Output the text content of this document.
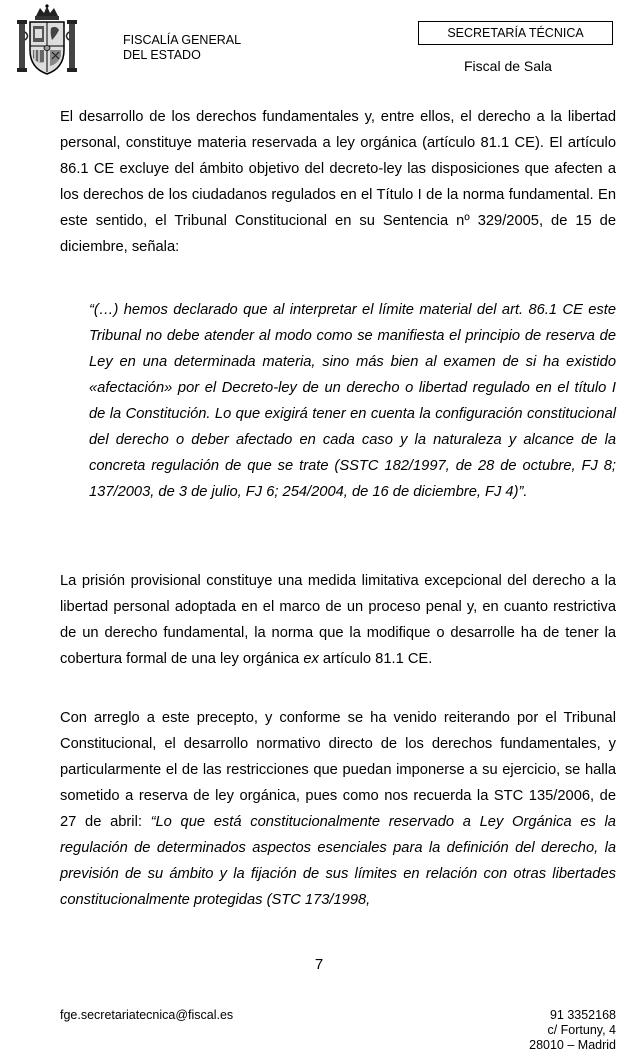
FISCALÍA GENERAL
DEL ESTADO
SECRETARÍA TÉCNICA
Fiscal de Sala
El desarrollo de los derechos fundamentales y, entre ellos, el derecho a la libertad personal, constituye materia reservada a ley orgánica (artículo 81.1 CE). El artículo 86.1 CE excluye del ámbito objetivo del decreto-ley las disposiciones que afecten a los derechos de los ciudadanos regulados en el Título I de la norma fundamental. En este sentido, el Tribunal Constitucional en su Sentencia nº 329/2005, de 15 de diciembre, señala:
“(…) hemos declarado que al interpretar el límite material del art. 86.1 CE este Tribunal no debe atender al modo como se manifiesta el principio de reserva de Ley en una determinada materia, sino más bien al examen de si ha existido «afectación» por el Decreto-ley de un derecho o libertad regulado en el título I de la Constitución. Lo que exigirá tener en cuenta la configuración constitucional del derecho o deber afectado en cada caso y la naturaleza y alcance de la concreta regulación de que se trate (SSTC 182/1997, de 28 de octubre, FJ 8; 137/2003, de 3 de julio, FJ 6; 254/2004, de 16 de diciembre, FJ 4)”.
La prisión provisional constituye una medida limitativa excepcional del derecho a la libertad personal adoptada en el marco de un proceso penal y, en cuanto restrictiva de un derecho fundamental, la norma que la modifique o desarrolle ha de tener la cobertura formal de una ley orgánica ex artículo 81.1 CE.
Con arreglo a este precepto, y conforme se ha venido reiterando por el Tribunal Constitucional, el desarrollo normativo directo de los derechos fundamentales, y particularmente el de las restricciones que puedan imponerse a su ejercicio, se halla sometido a reserva de ley orgánica, pues como nos recuerda la STC 135/2006, de 27 de abril: “Lo que está constitucionalmente reservado a Ley Orgánica es la regulación de determinados aspectos esenciales para la definición del derecho, la previsión de su ámbito y la fijación de sus límites en relación con otras libertades constitucionalmente protegidas (STC 173/1998,
7
fge.secretariatecnica@fiscal.es	91 3352168
c/ Fortuny, 4
28010 – Madrid
